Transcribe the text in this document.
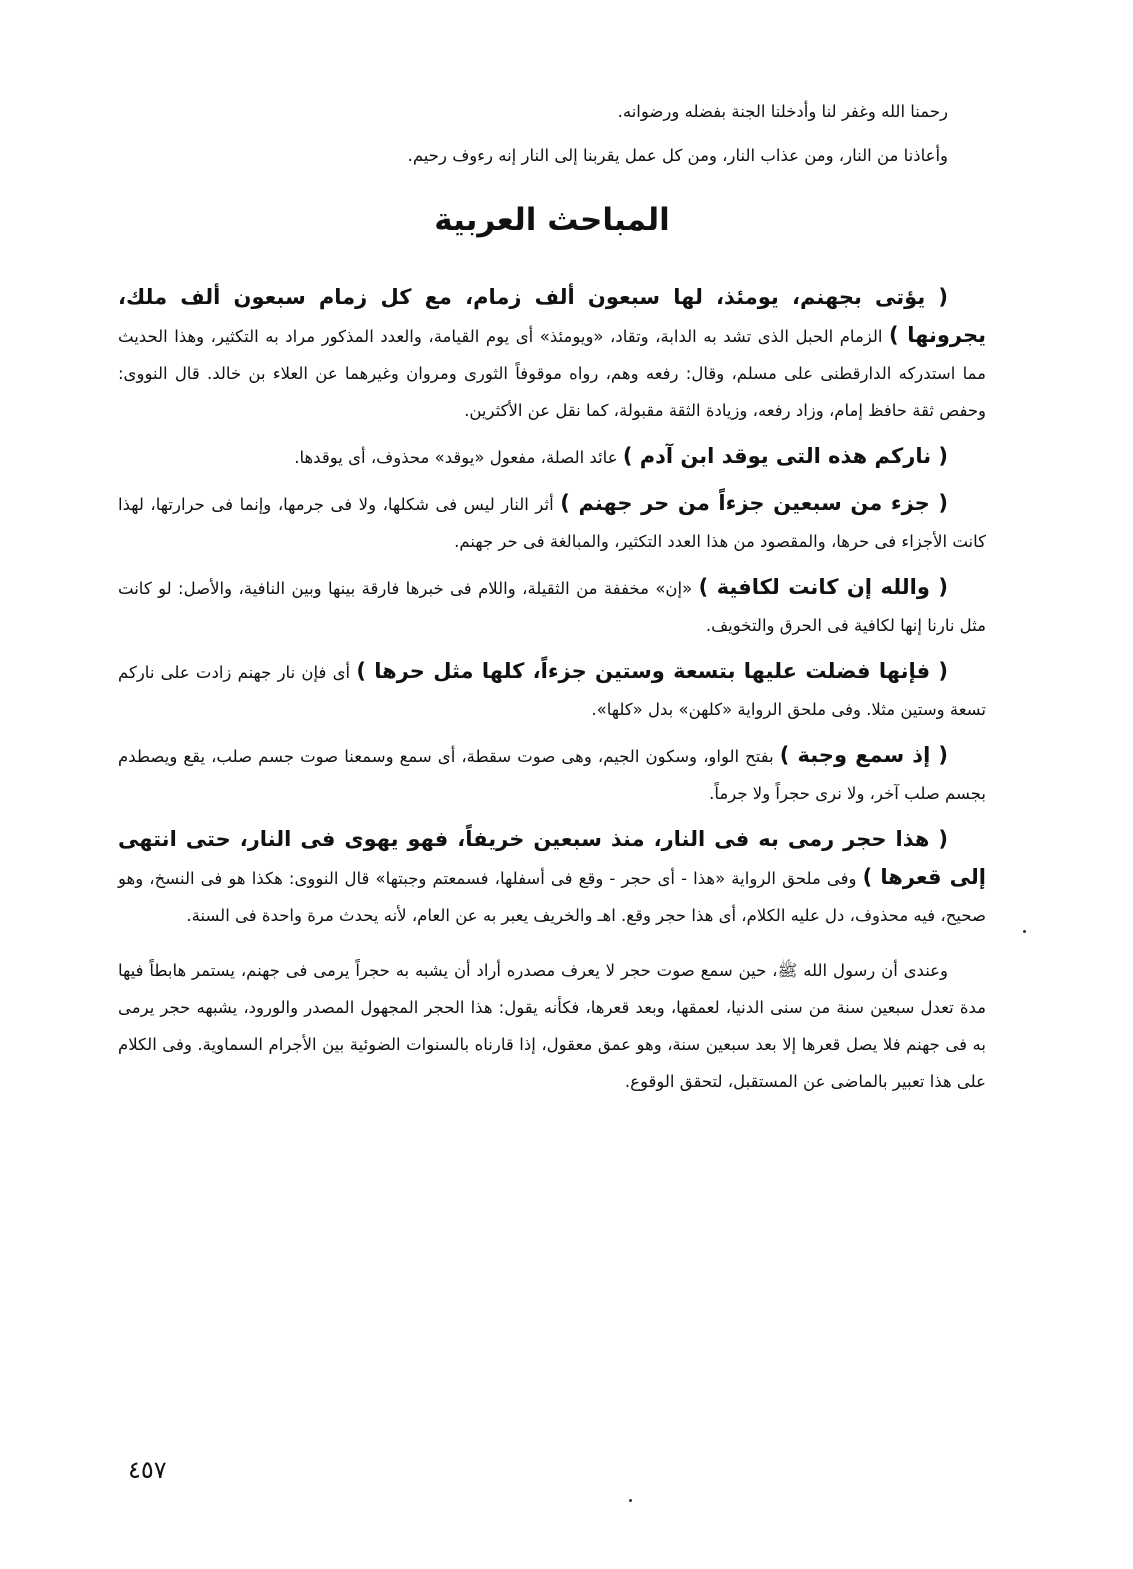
رحمنا الله وغفر لنا وأدخلنا الجنة بفضله ورضوانه.

وأعاذنا من النار، ومن عذاب النار، ومن كل عمل يقربنا إلى النار إنه رءوف رحيم.

المباحث العربية

( يؤتى بجهنم، يومئذ، لها سبعون ألف زمام، مع كل زمام سبعون ألف ملك، يجرونها ) الزمام الحبل الذى تشد به الدابة، وتقاد، «ويومئذ» أى يوم القيامة، والعدد المذكور مراد به التكثير، وهذا الحديث مما استدركه الدارقطنى على مسلم، وقال: رفعه وهم، رواه موقوفاً الثورى ومروان وغيرهما عن العلاء بن خالد. قال النووى: وحفص ثقة حافظ إمام، وزاد رفعه، وزيادة الثقة مقبولة، كما نقل عن الأكثرين.

( ناركم هذه التى يوقد ابن آدم ) عائد الصلة، مفعول «يوقد» محذوف، أى يوقدها.

( جزء من سبعين جزءاً من حر جهنم ) أثر النار ليس فى شكلها، ولا فى جرمها، وإنما فى حرارتها، لهذا كانت الأجزاء فى حرها، والمقصود من هذا العدد التكثير، والمبالغة فى حر جهنم.

( والله إن كانت لكافية ) «إن» مخففة من الثقيلة، واللام فى خبرها فارقة بينها وبين النافية، والأصل: لو كانت مثل نارنا إنها لكافية فى الحرق والتخويف.

( فإنها فضلت عليها بتسعة وستين جزءاً، كلها مثل حرها ) أى فإن نار جهنم زادت على ناركم تسعة وستين مثلا. وفى ملحق الرواية «كلهن» بدل «كلها».

( إذ سمع وجبة ) بفتح الواو، وسكون الجيم، وهى صوت سقطة، أى سمع وسمعنا صوت جسم صلب، يقع ويصطدم بجسم صلب آخر، ولا نرى حجراً ولا جرماً.

( هذا حجر رمى به فى النار، منذ سبعين خريفاً، فهو يهوى فى النار، حتى انتهى إلى قعرها ) وفى ملحق الرواية «هذا - أى حجر - وقع فى أسفلها، فسمعتم وجبتها» قال النووى: هكذا هو فى النسخ، وهو صحيح، فيه محذوف، دل عليه الكلام، أى هذا حجر وقع. اهـ والخريف يعبر به عن العام، لأنه يحدث مرة واحدة فى السنة.

وعندى أن رسول الله ﷺ، حين سمع صوت حجر لا يعرف مصدره أراد أن يشبه به حجراً يرمى فى جهنم، يستمر هابطاً فيها مدة تعدل سبعين سنة من سنى الدنيا، لعمقها، وبعد قعرها، فكأنه يقول: هذا الحجر المجهول المصدر والورود، يشبهه حجر يرمى به فى جهنم فلا يصل قعرها إلا بعد سبعين سنة، وهو عمق معقول، إذا قارناه بالسنوات الضوئية بين الأجرام السماوية. وفى الكلام على هذا تعبير بالماضى عن المستقبل، لتحقق الوقوع.

٤٥٧
